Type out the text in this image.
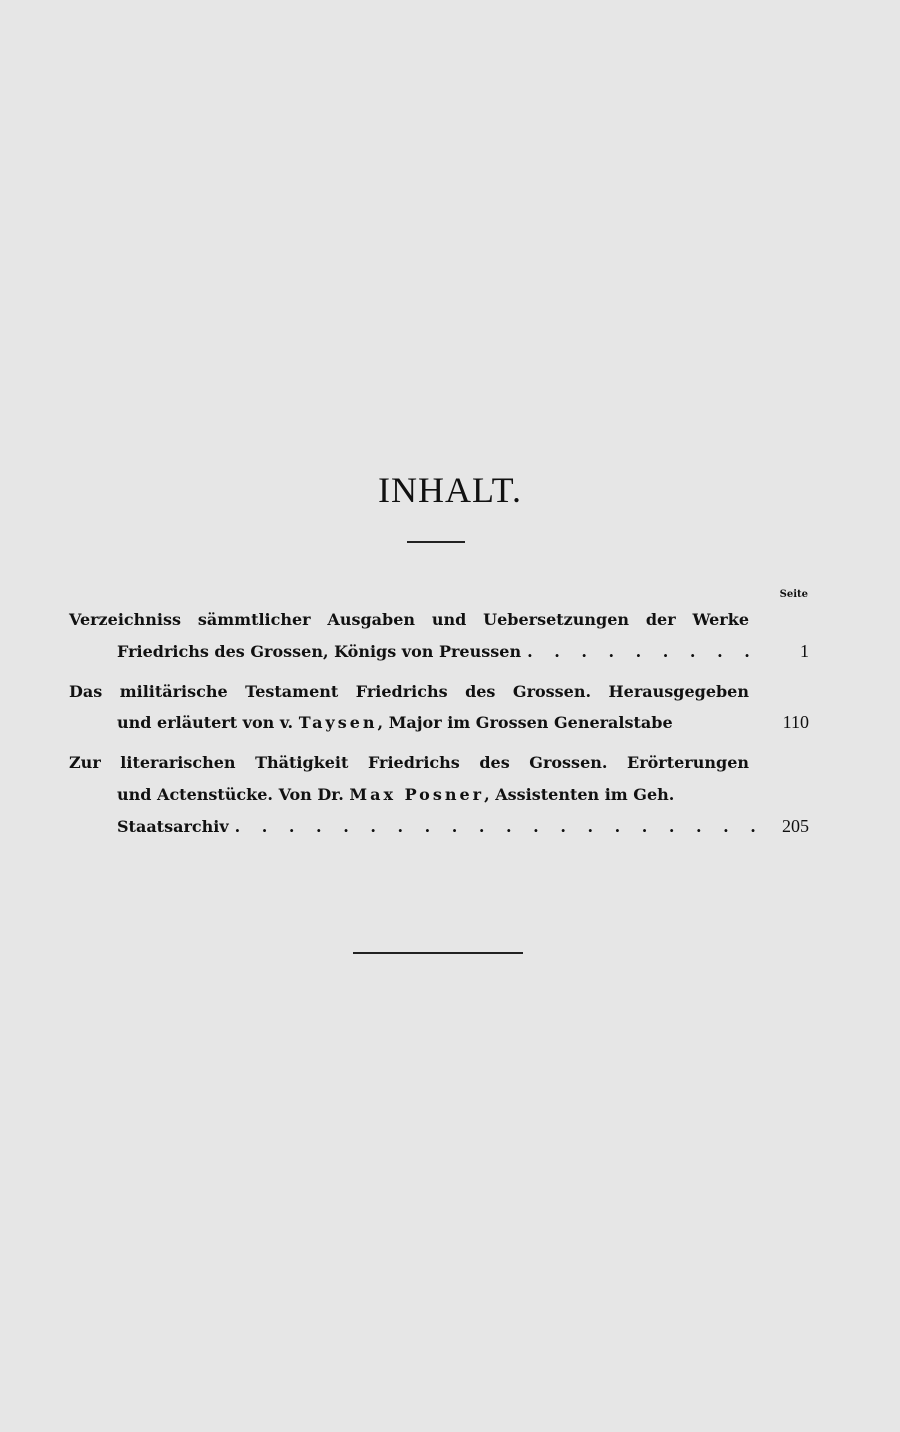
INHALT.
Seite
Verzeichniss sämmtlicher Ausgaben und Uebersetzungen der Werke
Friedrichs des Grossen, Königs von Preussen . . .	1
Das militärische Testament Friedrichs des Grossen. Herausgegeben
und erläutert von v. Taysen, Major im Grossen Generalstabe	110
Zur literarischen Thätigkeit Friedrichs des Grossen. Erörterungen
und Actenstücke. Von Dr. Max Posner, Assistenten im Geh.
Staatsarchiv . . .	205
